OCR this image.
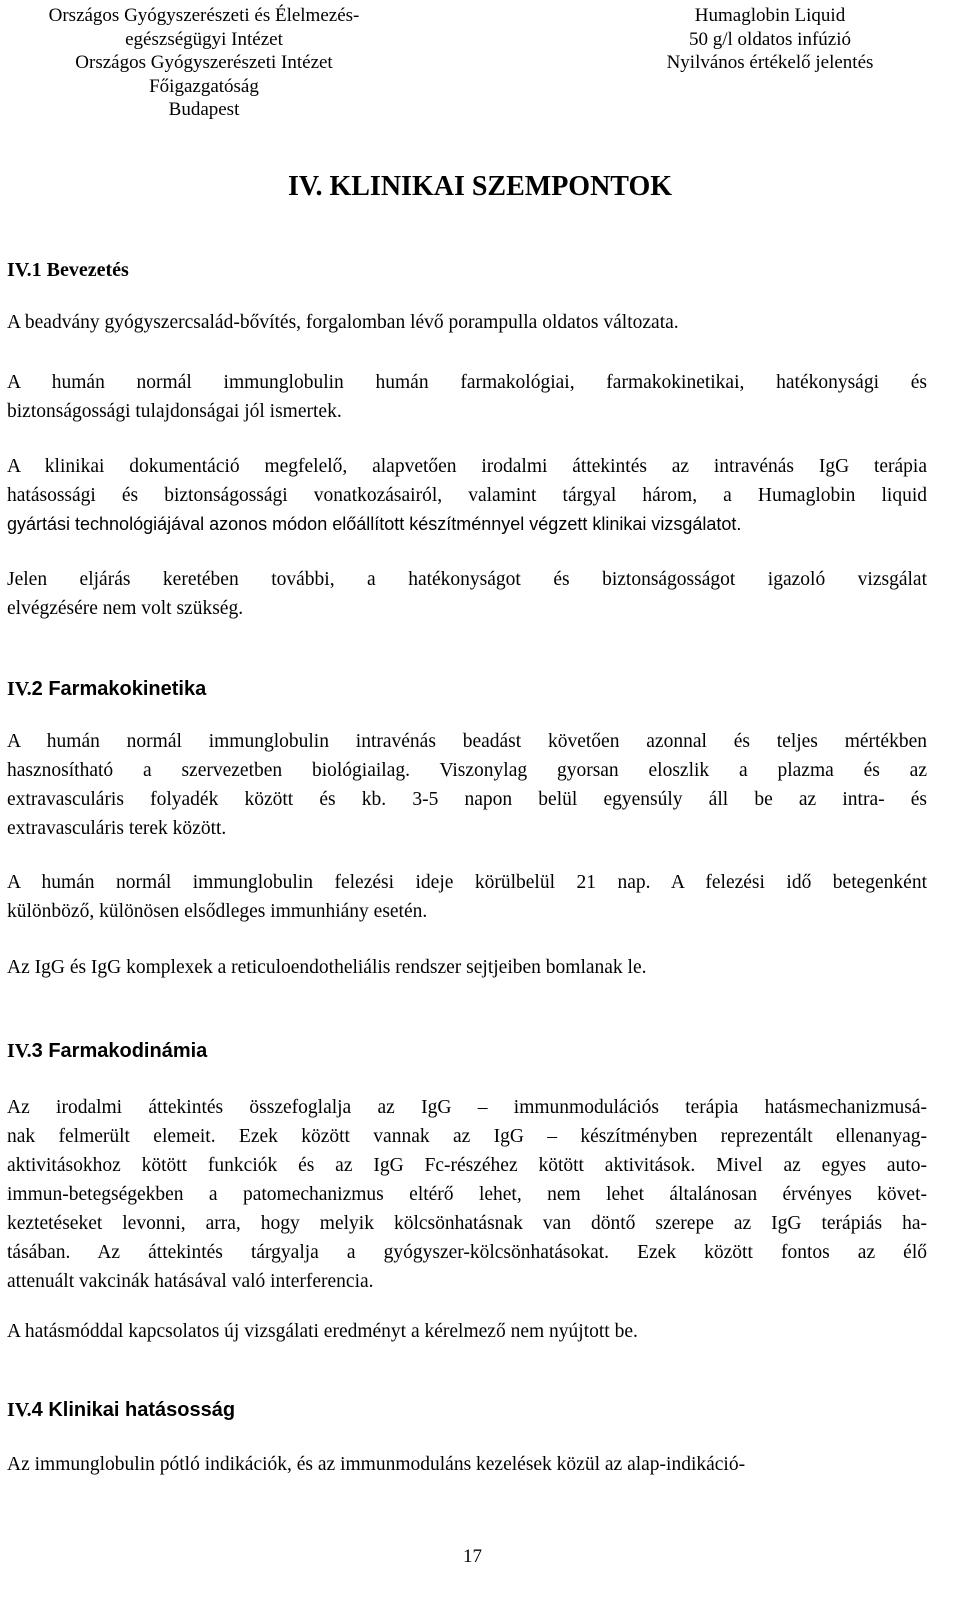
Országos Gyógyszerészeti és Élelmezés-
egészségügyi Intézet
Országos Gyógyszerészeti Intézet
Főigazgatóság
Budapest
Humaglobin Liquid
50 g/l oldatos infúzió
Nyilvános értékelő jelentés
IV. KLINIKAI SZEMPONTOK
IV.1 Bevezetés
A beadvány gyógyszercsalád-bővítés, forgalomban lévő porampulla oldatos változata.
A humán normál immunglobulin humán farmakológiai, farmakokinetikai, hatékonysági és
biztonságossági tulajdonságai jól ismertek.
A klinikai dokumentáció megfelelő, alapvetően irodalmi áttekintés az intravénás IgG terápia
hatásossági és biztonságossági vonatkozásairól, valamint tárgyal három, a Humaglobin liquid
gyártási technológiájával azonos módon előállított készítménnyel végzett klinikai vizsgálatot.
Jelen eljárás keretében további, a hatékonyságot és biztonságosságot igazoló vizsgálat
elvégzésére nem volt szükség.
IV.2 Farmakokinetika
A humán normál immunglobulin intravénás beadást követően azonnal és teljes mértékben
hasznosítható a szervezetben biológiailag. Viszonylag gyorsan eloszlik a plazma és az
extravasculáris folyadék között és kb. 3-5 napon belül egyensúly áll be az intra- és
extravasculáris terek között.
A humán normál immunglobulin felezési ideje körülbelül 21 nap. A felezési idő betegenként
különböző, különösen elsődleges immunhiány esetén.
Az IgG és IgG komplexek a reticuloendotheliális rendszer sejtjeiben bomlanak le.
IV.3 Farmakodinámia
Az irodalmi áttekintés összefoglalja az IgG – immunmodulációs terápia hatásmechanizmusá-
nak felmerült elemeit. Ezek között vannak az IgG – készítményben reprezentált ellenanyag-
aktivitásokhoz kötött funkciók és az IgG Fc-részéhez kötött aktivitások. Mivel az egyes auto-
immun-betegségekben a patomechanizmus eltérő lehet, nem lehet általánosan érvényes követ-
keztetéseket levonni, arra, hogy melyik kölcsönhatásnak van döntő szerepe az IgG terápiás ha-
tásában. Az áttekintés tárgyalja a gyógyszer-kölcsönhatásokat. Ezek között fontos az élő
attenuált vakcinák hatásával való interferencia.
A hatásmóddal kapcsolatos új vizsgálati eredményt a kérelmező nem nyújtott be.
IV.4 Klinikai hatásosság
Az immunglobulin pótló indikációk, és az immunmoduláns kezelések közül az alap-indikáció-
17
